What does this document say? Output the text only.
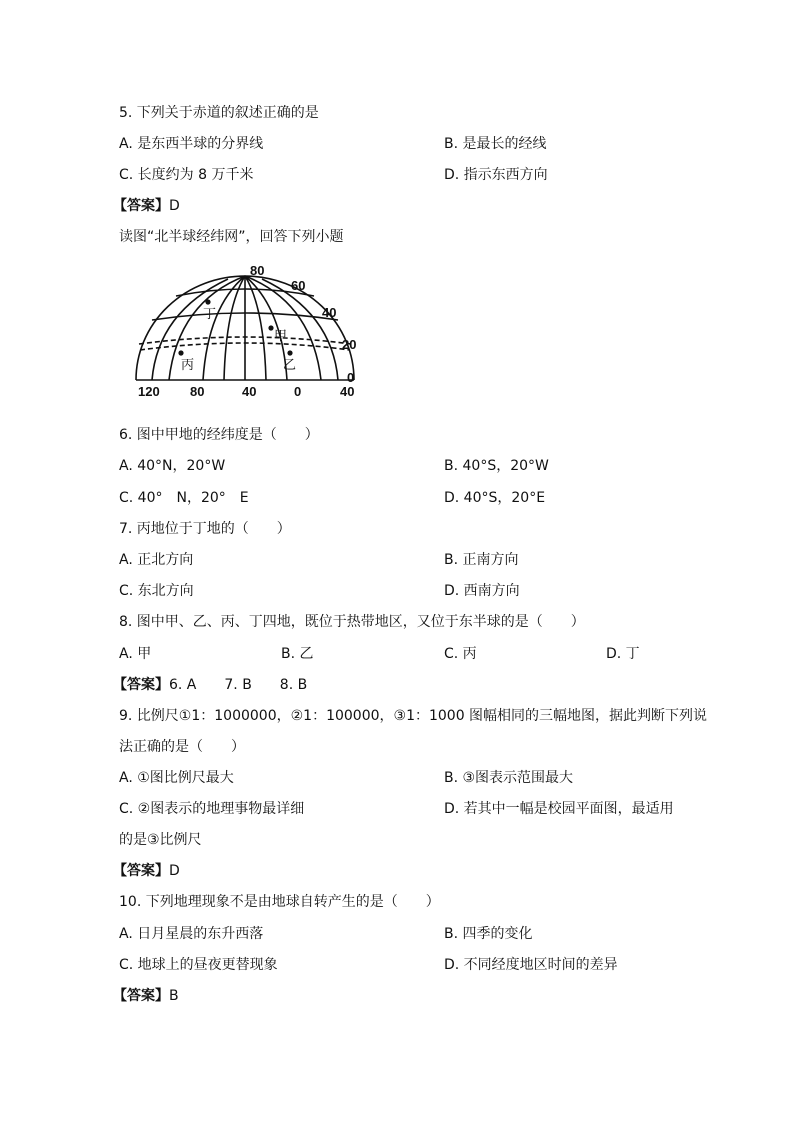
5. 下列关于赤道的叙述正确的是
A. 是东西半球的分界线	B. 是最长的经线
C. 长度约为 8 万千米	D. 指示东西方向
【答案】D
读图“北半球经纬网”，回答下列小题
80
60
40
20
0
120 80	40	0	40
丁
甲
丙	乙
6. 图中甲地的经纬度是（　　）
A. 40°N，20°W	B. 40°S，20°W
C. 40°　N，20°　E	D. 40°S，20°E
7. 丙地位于丁地的（　　）
A. 正北方向	B. 正南方向
C. 东北方向	D. 西南方向
8. 图中甲、乙、丙、丁四地，既位于热带地区，又位于东半球的是（　　）
A. 甲	B. 乙	C. 丙	D. 丁
【答案】6. A　　7. B　　8. B
9. 比例尺①1：1000000，②1：100000，③1：1000 图幅相同的三幅地图，据此判断下列说
法正确的是（　　）
A. ①图比例尺最大	B. ③图表示范围最大
C. ②图表示的地理事物最详细	D. 若其中一幅是校园平面图，最适用
的是③比例尺
【答案】D
10. 下列地理现象不是由地球自转产生的是（　　）
A. 日月星晨的东升西落	B. 四季的变化
C. 地球上的昼夜更替现象	D. 不同经度地区时间的差异
【答案】B
